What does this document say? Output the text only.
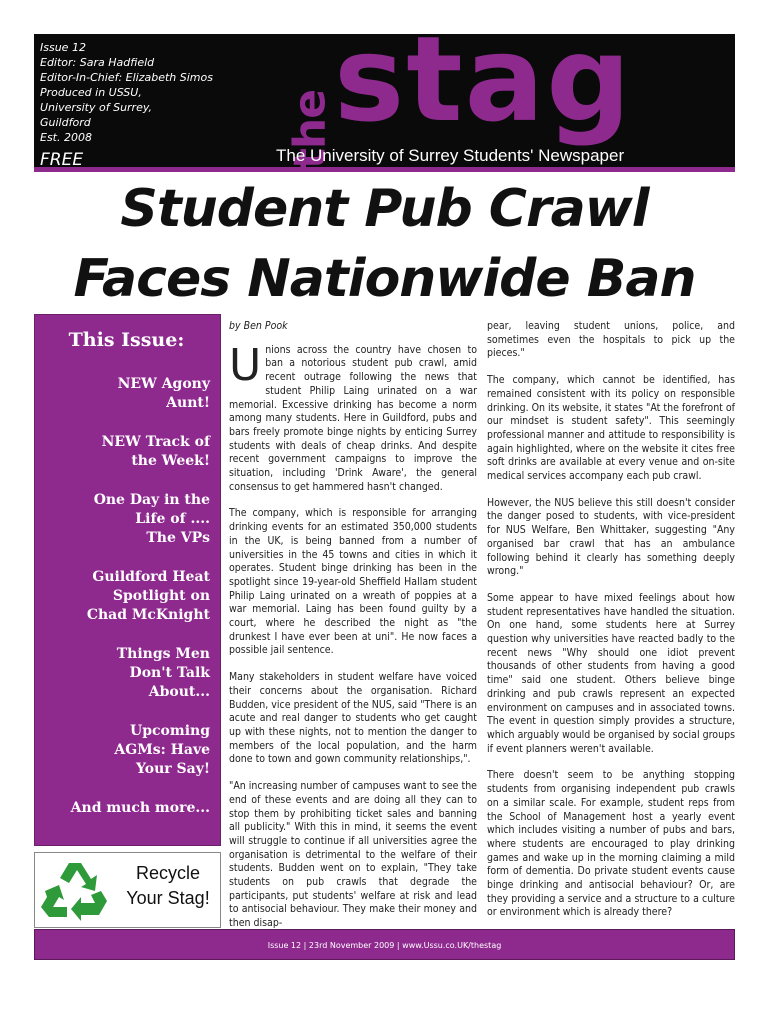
Issue 12
Editor: Sara Hadfield
Editor-In-Chief: Elizabeth Simos
Produced in USSU,
University of Surrey,
Guildford
Est. 2008
FREE	the
stag
The University of Surrey Students' Newspaper
Student Pub Crawl
Faces Nationwide Ban
This Issue:
NEW Agony
Aunt!
NEW Track of
the Week!
One Day in the
Life of ....
The VPs
Guildford Heat
Spotlight on
Chad McKnight
Things Men
Don't Talk
About...
Upcoming
AGMs: Have
Your Say!
And much more...
Recycle
Your Stag!
by Ben Pook

Unions across the country have chosen to ban a notorious student pub crawl, amid recent outrage following the news that student Philip Laing urinated on a war memorial. Excessive drinking has become a norm among many students. Here in Guildford, pubs and bars freely promote binge nights by enticing Surrey students with deals of cheap drinks. And despite recent government campaigns to improve the situation, including 'Drink Aware', the general consensus to get hammered hasn't changed.

The company, which is responsible for arranging drinking events for an estimated 350,000 students in the UK, is being banned from a number of universities in the 45 towns and cities in which it operates. Student binge drinking has been in the spotlight since 19-year-old Sheffield Hallam student Philip Laing urinated on a wreath of poppies at a war memorial. Laing has been found guilty by a court, where he described the night as "the drunkest I have ever been at uni". He now faces a possible jail sentence.

Many stakeholders in student welfare have voiced their concerns about the organisation. Richard Budden, vice president of the NUS, said "There is an acute and real danger to students who get caught up with these nights, not to mention the danger to members of the local population, and the harm done to town and gown community relationships,".

"An increasing number of campuses want to see the end of these events and are doing all they can to stop them by prohibiting ticket sales and banning all publicity." With this in mind, it seems the event will struggle to continue if all universities agree the organisation is detrimental to the welfare of their students. Budden went on to explain, "They take students on pub crawls that degrade the participants, put students' welfare at risk and lead to antisocial behaviour. They make their money and then disap-

pear, leaving student unions, police, and sometimes even the hospitals to pick up the pieces."

The company, which cannot be identified, has remained consistent with its policy on responsible drinking. On its website, it states "At the forefront of our mindset is student safety". This seemingly professional manner and attitude to responsibility is again highlighted, where on the website it cites free soft drinks are available at every venue and on-site medical services accompany each pub crawl.

However, the NUS believe this still doesn't consider the danger posed to students, with vice-president for NUS Welfare, Ben Whittaker, suggesting "Any organised bar crawl that has an ambulance following behind it clearly has something deeply wrong."

Some appear to have mixed feelings about how student representatives have handled the situation. On one hand, some students here at Surrey question why universities have reacted badly to the recent news "Why should one idiot prevent thousands of other students from having a good time" said one student. Others believe binge drinking and pub crawls represent an expected environment on campuses and in associated towns. The event in question simply provides a structure, which arguably would be organised by social groups if event planners weren't available.

There doesn't seem to be anything stopping students from organising independent pub crawls on a similar scale. For example, student reps from the School of Management host a yearly event which includes visiting a number of pubs and bars, where students are encouraged to play drinking games and wake up in the morning claiming a mild form of dementia. Do private student events cause binge drinking and antisocial behaviour? Or, are they providing a service and a structure to a culture or environment which is already there?

Issue 12 | 23rd November 2009 | www.Ussu.co.UK/thestag
